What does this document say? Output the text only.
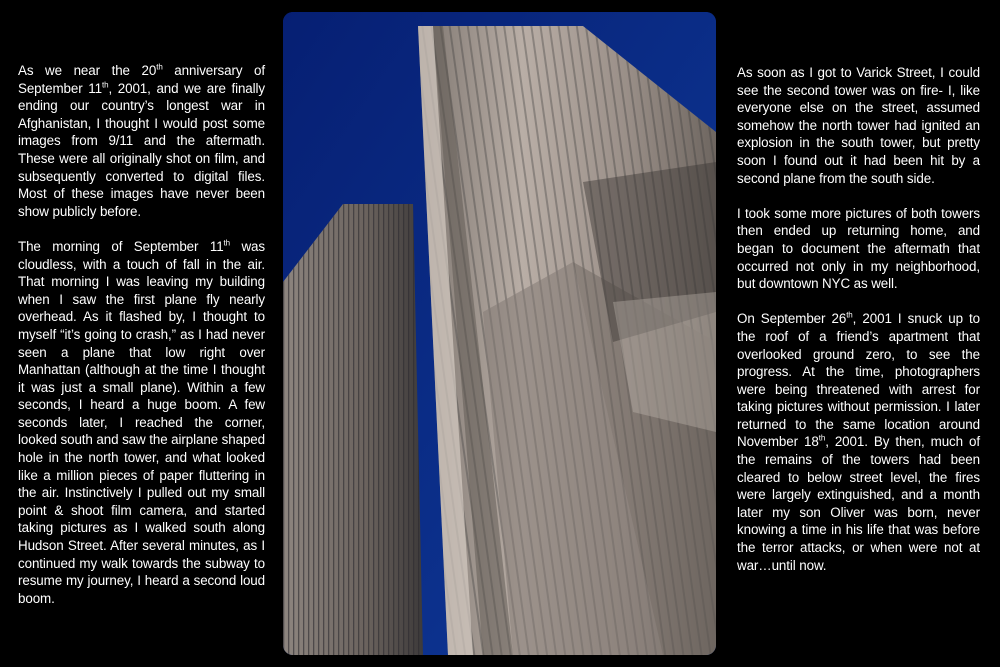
As we near the 20th anniversary of September 11th, 2001, and we are finally ending our country’s longest war in Afghanistan, I thought I would post some images from 9/11 and the aftermath. These were all originally shot on film, and subsequently converted to digital files. Most of these images have never been show publicly before.

The morning of September 11th was cloudless, with a touch of fall in the air. That morning I was leaving my building when I saw the first plane fly nearly overhead. As it flashed by, I thought to myself “it’s going to crash,” as I had never seen a plane that low right over Manhattan (although at the time I thought it was just a small plane). Within a few seconds, I heard a huge boom. A few seconds later, I reached the corner, looked south and saw the airplane shaped hole in the north tower, and what looked like a million pieces of paper fluttering in the air. Instinctively I pulled out my small point & shoot film camera, and started taking pictures as I walked south along Hudson Street. After several minutes, as I continued my walk towards the subway to resume my journey, I heard a second loud boom.

As soon as I got to Varick Street, I could see the second tower was on fire- I, like everyone else on the street, assumed somehow the north tower had ignited an explosion in the south tower, but pretty soon I found out it had been hit by a second plane from the south side.

I took some more pictures of both towers then ended up returning home, and began to document the aftermath that occurred not only in my neighborhood, but downtown NYC as well.

On September 26th, 2001 I snuck up to the roof of a friend’s apartment that overlooked ground zero, to see the progress. At the time, photographers were being threatened with arrest for taking pictures without permission. I later returned to the same location around November 18th, 2001. By then, much of the remains of the towers had been cleared to below street level, the fires were largely extinguished, and a month later my son Oliver was born, never knowing a time in his life that was before the terror attacks, or when were not at war…until now.
